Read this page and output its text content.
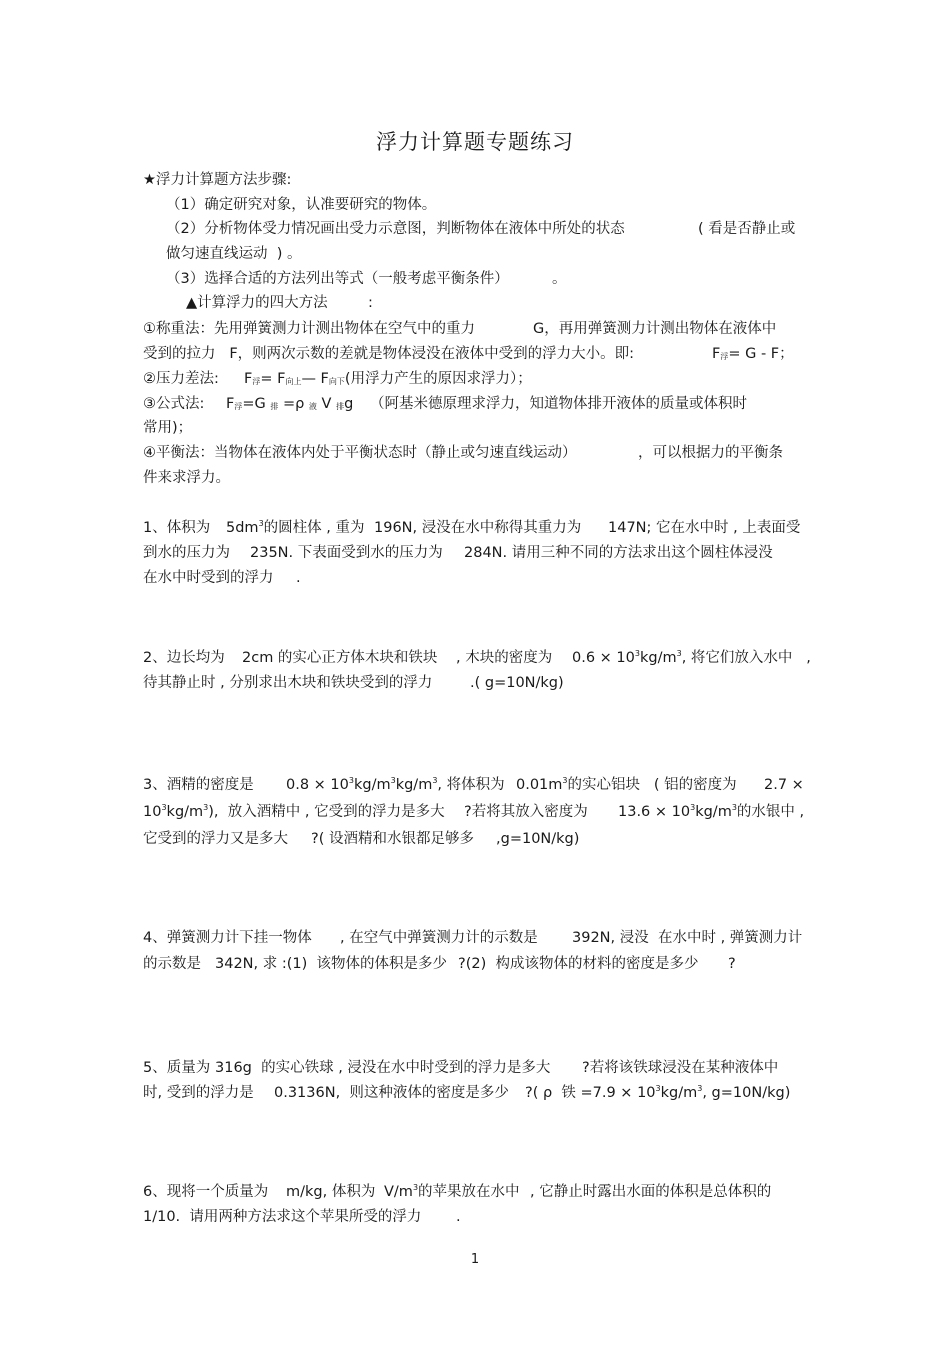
浮力计算题专题练习
★浮力计算题方法步骤:
（1）确定研究对象，认准要研究的物体。
（2）分析物体受力情况画出受力示意图，判断物体在液体中所处的状态	( 看是否静止或
做匀速直线运动  ) 。
（3）选择合适的方法列出等式（一般考虑平衡条件）	。
▲计算浮力的四大方法	:
①称重法：先用弹簧测力计测出物体在空气中的重力	G，再用弹簧测力计测出物体在液体中
受到的拉力   F，则两次示数的差就是物体浸没在液体中受到的浮力大小。即:	$F_浮= G - F$；
②压力差法: $F_浮=$ $F_{向上}—$ $F_{向下}$(用浮力产生的原因求浮力）；
③公式法: $F_浮=G$ $_排$ =ρ $_液$ V $_排$g （阿基米德原理求浮力，知道物体排开液体的质量或体积时
常用)；
④平衡法：当物体在液体内处于平衡状态时（静止或匀速直线运动）	，可以根据力的平衡条
件来求浮力。
1、体积为 $5dm^3$的圆柱体 , 重为 196N, 浸没在水中称得其重力为 147N; 它在水中时 , 上表面受
到水的压力为 235N. 下表面受到水的压力为 284N. 请用三种不同的方法求出这个圆柱体浸没
在水中时受到的浮力 .
2、边长均为 2cm 的实心正方体木块和铁块 , 木块的密度为 $0.6 \times 10^3kg/m^3$, 将它们放入水中   ,
待其静止时 , 分别求出木块和铁块受到的浮力	.( g=10N/kg)
3、酒精的密度是 $0.8 \times 10^3kg/m^3kg/m^3$, 将体积为 $0.01m^3$的实心铝块   ( 铝的密度为 2.7 ×
$10^3kg/m^3$),  放入酒精中 , 它受到的浮力是多大 ?若将其放入密度为 $13.6 \times 10^3kg/m^3$的水银中 ,
它受到的浮力又是多大 ?( 设酒精和水银都足够多 ,g=10N/kg)
4、弹簧测力计下挂一物体 , 在空气中弹簧测力计的示数是 392N, 浸没  在水中时 , 弹簧测力计
的示数是 342N, 求 :(1)  该物体的体积是多少 ?(2)  构成该物体的材料的密度是多少 ?
5、质量为 316g  的实心铁球 , 浸没在水中时受到的浮力是多大 ?若将该铁球浸没在某种液体中
时, 受到的浮力是 0.3136N,  则这种液体的密度是多少 ?( ρ  铁 $=7.9 \times 10^3kg/m^3$, g=10N/kg)
6、现将一个质量为 m/kg, 体积为 $V/m^3$的苹果放在水中 , 它静止时露出水面的体积是总体积的
1/10.  请用两种方法求这个苹果所受的浮力 .
1
